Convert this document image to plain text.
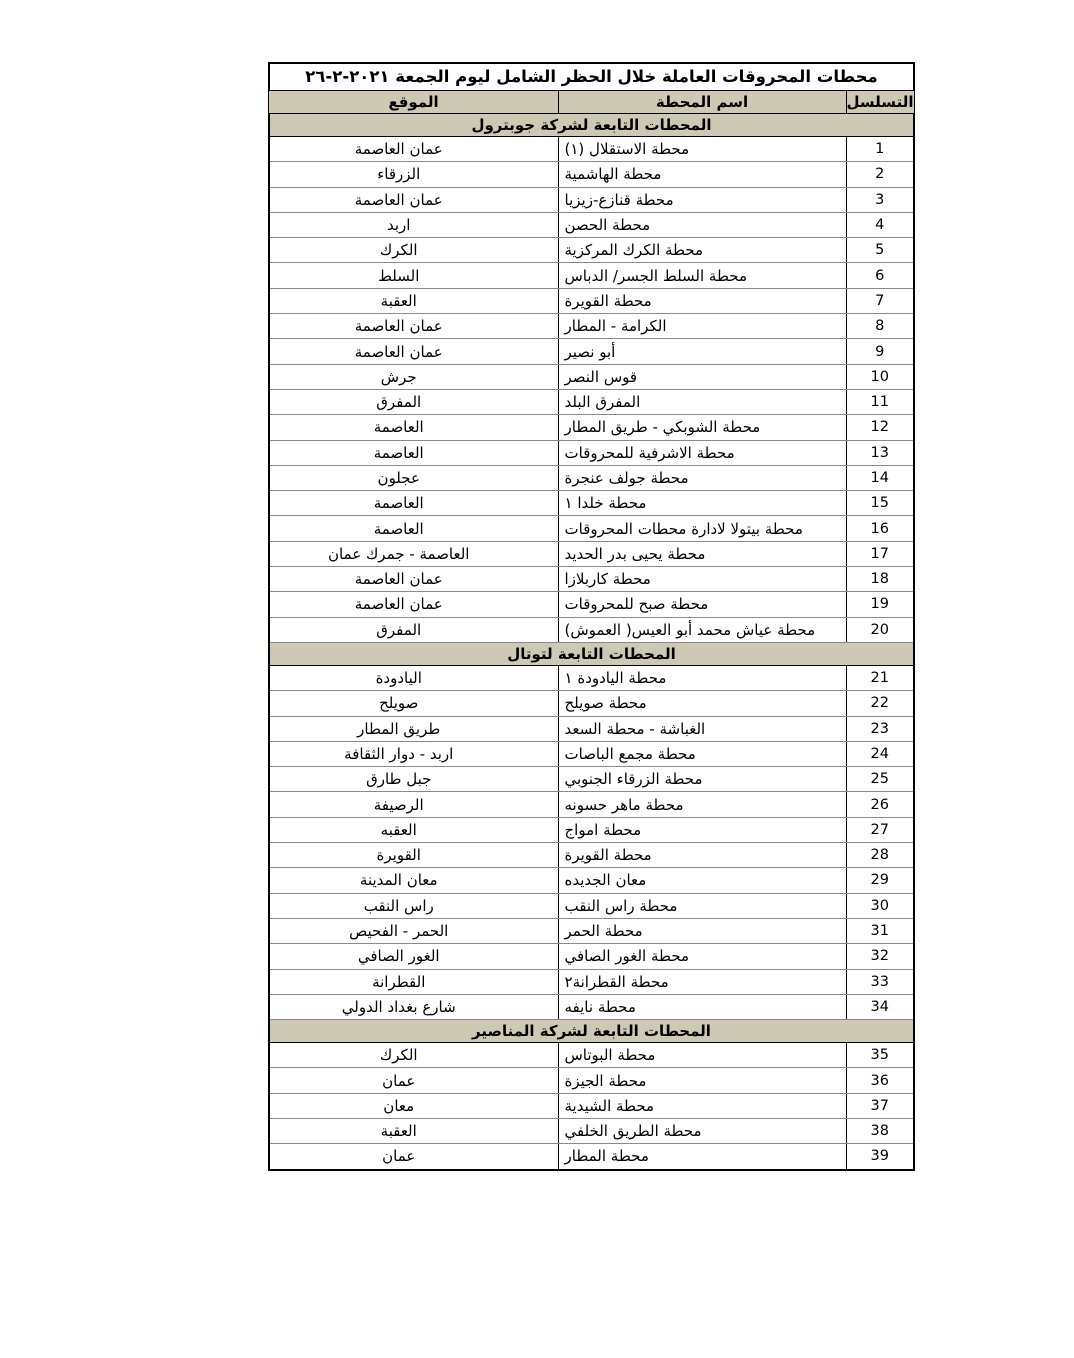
محطات المحروقات العاملة خلال الحظر الشامل ليوم الجمعة ٢٠٢١-٢-٢٦		
التسلسل	اسم المحطة	الموقع
المحطات التابعة لشركة جوبترول		
1	محطة الاستقلال (١)	عمان العاصمة
2	محطة الهاشمية	الزرقاء
3	محطة قنازع-زيزيا	عمان العاصمة
4	محطة الحصن	اربد
5	محطة الكرك المركزية	الكرك
6	محطة السلط الجسر/ الدباس	السلط
7	محطة القويرة	العقبة
8	الكرامة - المطار	عمان العاصمة
9	أبو نصير	عمان العاصمة
10	قوس النصر	جرش
11	المفرق البلد	المفرق
12	محطة الشوبكي - طريق المطار	العاصمة
13	محطة الاشرفية للمحروقات	العاصمة
14	محطة جولف عنجرة	عجلون
15	محطة خلدا ١	العاصمة
16	محطة بيتولا لادارة محطات المحروقات	العاصمة
17	محطة يحيى بدر الحديد	العاصمة - جمرك عمان
18	محطة كاربلازا	عمان العاصمة
19	محطة صبح للمحروقات	عمان العاصمة
20	محطة عياش محمد أبو العيس( العموش)	المفرق
المحطات التابعة لتوتال		
21	محطة اليادودة ١	اليادودة
22	محطة صويلح	صويلح
23	الغباشة - محطة السعد	طريق المطار
24	محطة مجمع الباصات	اربد - دوار الثقافة
25	محطة الزرقاء الجنوبي	جبل طارق
26	محطة ماهر حسونه	الرصيفة
27	محطة امواج	العقبه
28	محطة القويرة	القويرة
29	معان الجديده	معان المدينة
30	محطة راس النقب	راس النقب
31	محطة الحمر	الحمر - الفحيص
32	محطة الغور الصافي	الغور الصافي
33	محطة القطرانة٢	القطرانة
34	محطة نايفه	شارع بغداد الدولي
المحطات التابعة لشركة المناصير		
35	محطة البوتاس	الكرك
36	محطة الجيزة	عمان
37	محطة الشيدية	معان
38	محطة الطريق الخلفي	العقبة
39	محطة المطار	عمان
